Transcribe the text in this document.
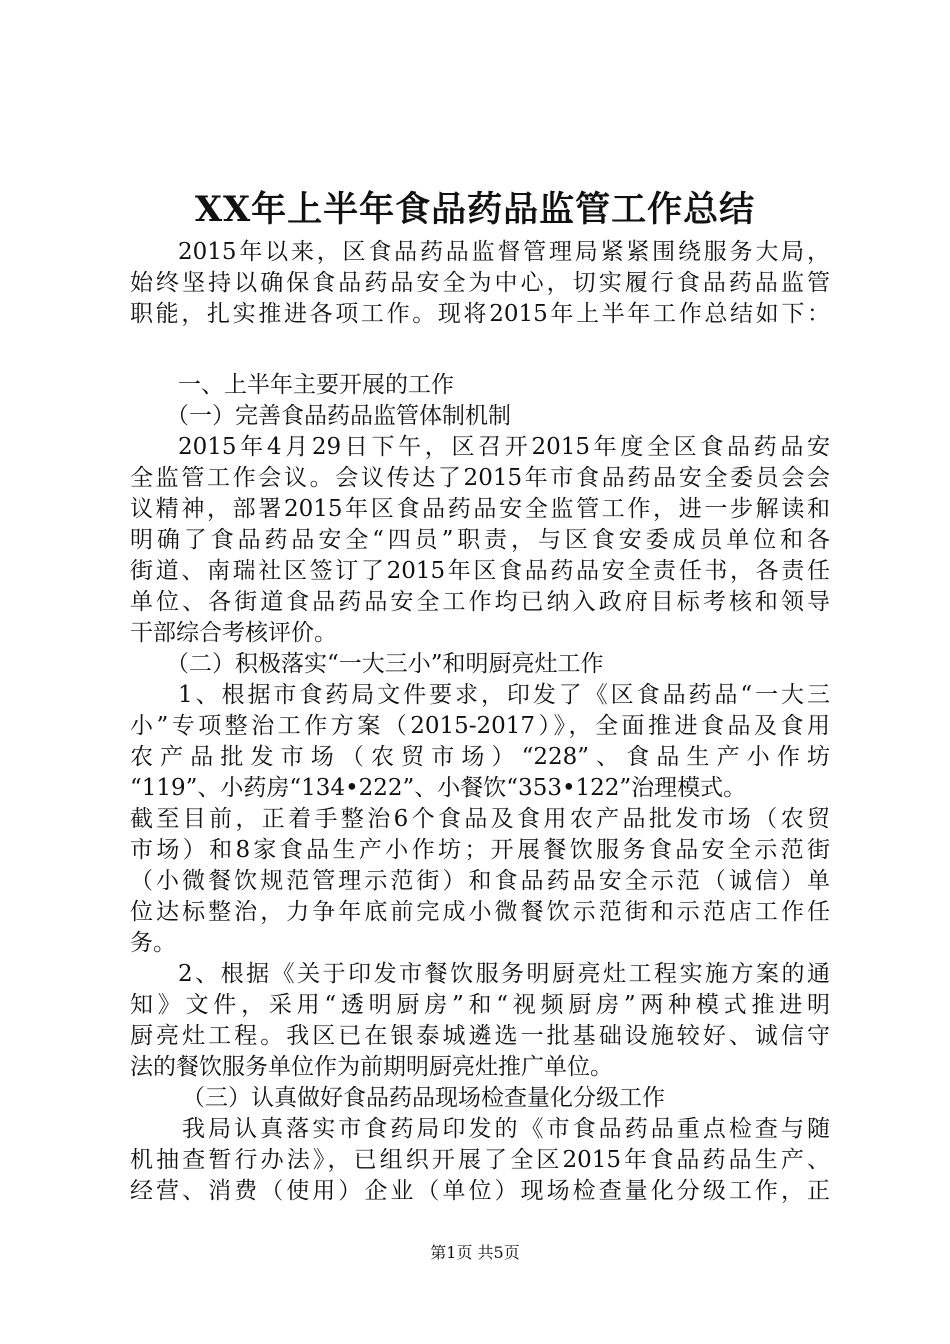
XX年上半年食品药品监管工作总结
2015年以来，区食品药品监督管理局紧紧围绕服务大局，
始终坚持以确保食品药品安全为中心，切实履行食品药品监管
职能，扎实推进各项工作。现将2015年上半年工作总结如下：
一、上半年主要开展的工作
（一）完善食品药品监管体制机制
2015年4月29日下午，区召开2015年度全区食品药品安
全监管工作会议。会议传达了2015年市食品药品安全委员会会
议精神，部署2015年区食品药品安全监管工作，进一步解读和
明确了食品药品安全“四员”职责，与区食安委成员单位和各
街道、南瑞社区签订了2015年区食品药品安全责任书，各责任
单位、各街道食品药品安全工作均已纳入政府目标考核和领导
干部综合考核评价。
（二）积极落实“一大三小”和明厨亮灶工作
1、根据市食药局文件要求，印发了《区食品药品“一大三
小”专项整治工作方案（2015-2017）》，全面推进食品及食用
农产品批发市场（农贸市场）“228”、食品生产小作坊
“119”、小药房“134•222”、小餐饮“353•122”治理模式。
截至目前，正着手整治6个食品及食用农产品批发市场（农贸
市场）和8家食品生产小作坊；开展餐饮服务食品安全示范街
（小微餐饮规范管理示范街）和食品药品安全示范（诚信）单
位达标整治，力争年底前完成小微餐饮示范街和示范店工作任
务。
2、根据《关于印发市餐饮服务明厨亮灶工程实施方案的通
知》文件，采用“透明厨房”和“视频厨房”两种模式推进明
厨亮灶工程。我区已在银泰城遴选一批基础设施较好、诚信守
法的餐饮服务单位作为前期明厨亮灶推广单位。
（三）认真做好食品药品现场检查量化分级工作
我局认真落实市食药局印发的《市食品药品重点检查与随
机抽查暂行办法》，已组织开展了全区2015年食品药品生产、
经营、消费（使用）企业（单位）现场检查量化分级工作，正
第1页 共5页
